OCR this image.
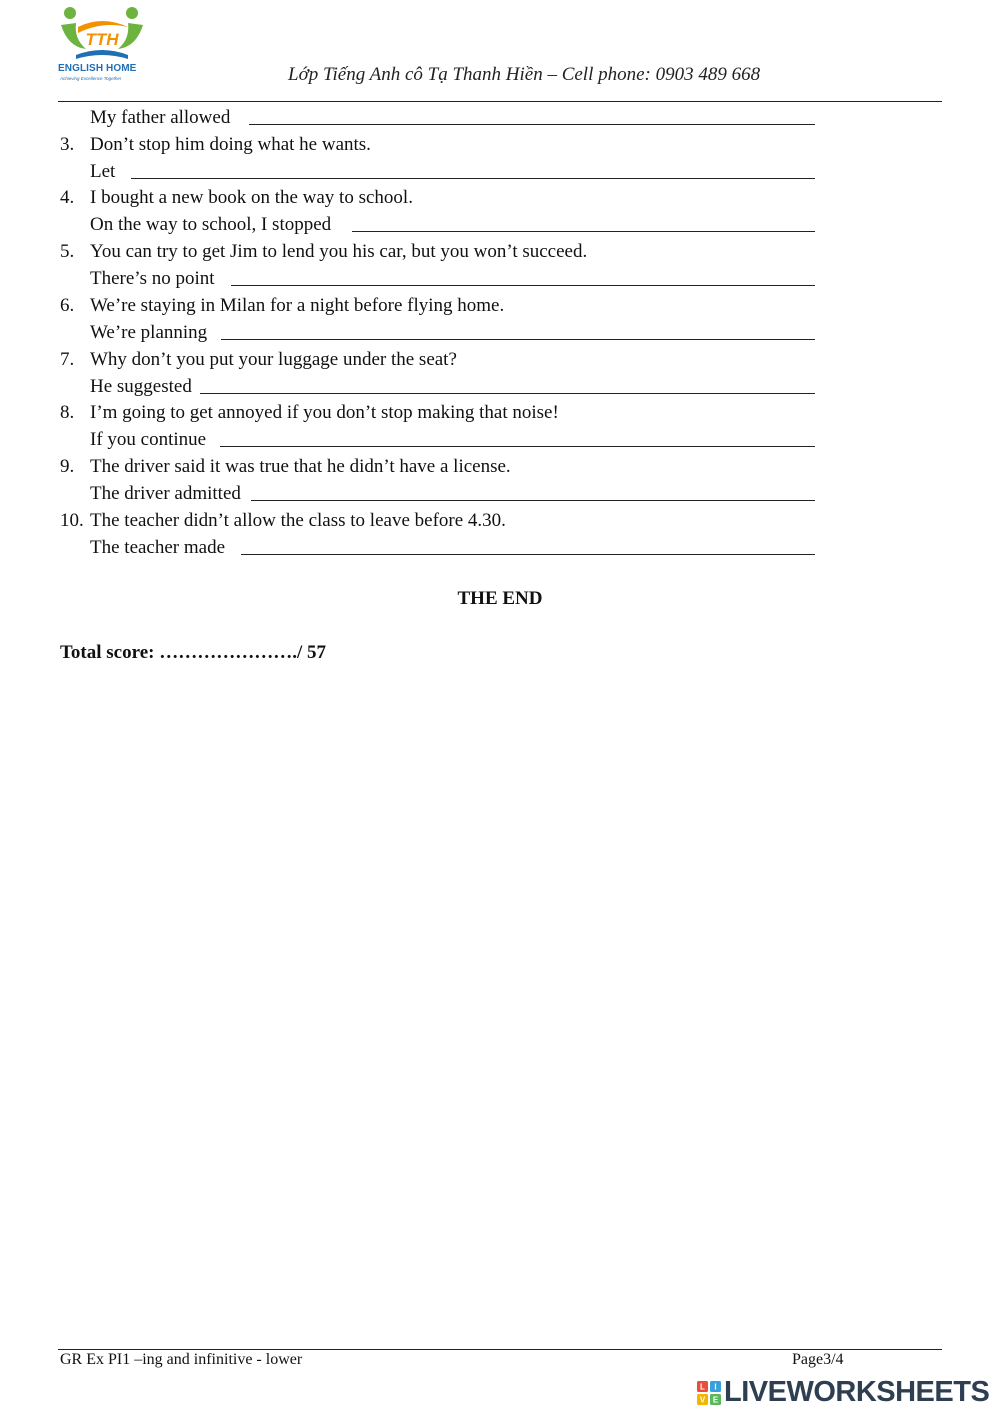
TTH
ENGLISH HOME
Achieving Excellence Together	Lớp Tiếng Anh cô Tạ Thanh Hiền – Cell phone: 0903 489 668
My father allowed
3. Don’t stop him doing what he wants.
Let
4. I bought a new book on the way to school.
On the way to school, I stopped
5. You can try to get Jim to lend you his car, but you won’t succeed.
There’s no point
6. We’re staying in Milan for a night before flying home.
We’re planning
7. Why don’t you put your luggage under the seat?
He suggested
8. I’m going to get annoyed if you don’t stop making that noise!
If you continue
9. The driver said it was true that he didn’t have a license.
The driver admitted
10. The teacher didn’t allow the class to leave before 4.30.
The teacher made
THE END
Total score: …………………./ 57
GR Ex PI1 –ing and infinitive - lower	Page3/4
L I
V E LIVEWORKSHEETS
